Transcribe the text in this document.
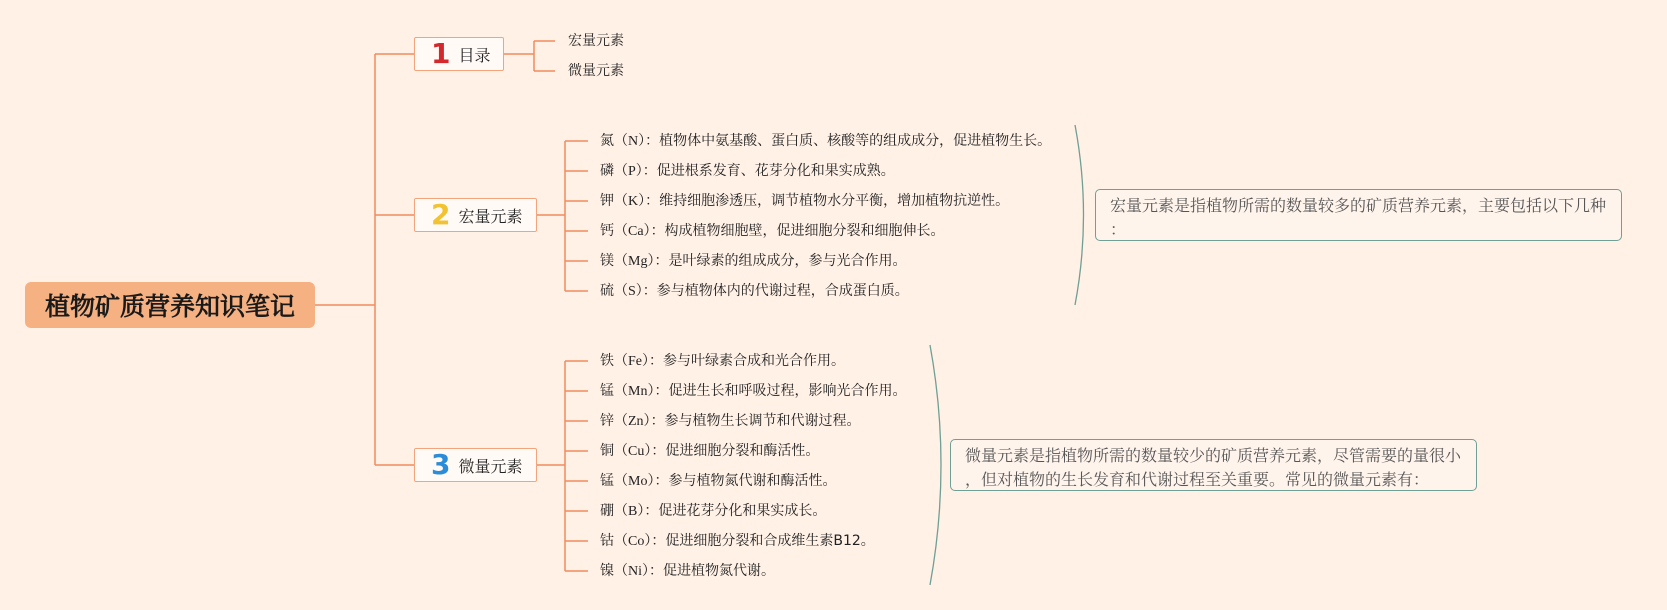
植物矿质营养知识笔记
1 目录
宏量元素
微量元素
2 宏量元素
3 微量元素
氮（N）：植物体中氨基酸、蛋白质、核酸等的组成成分，促进植物生长。
磷（P）：促进根系发育、花芽分化和果实成熟。
钾（K）：维持细胞渗透压，调节植物水分平衡，增加植物抗逆性。
钙（Ca）：构成植物细胞壁，促进细胞分裂和细胞伸长。
镁（Mg）：是叶绿素的组成成分，参与光合作用。
硫（S）：参与植物体内的代谢过程，合成蛋白质。
铁（Fe）：参与叶绿素合成和光合作用。
锰（Mn）：促进生长和呼吸过程，影响光合作用。
锌（Zn）：参与植物生长调节和代谢过程。
铜（Cu）：促进细胞分裂和酶活性。
锰（Mo）：参与植物氮代谢和酶活性。
硼（B）：促进花芽分化和果实成长。
钴（Co）：促进细胞分裂和合成维生素B12。
镍（Ni）：促进植物氮代谢。
宏量元素是指植物所需的数量较多的矿质营养元素，主要包括以下几种
：
微量元素是指植物所需的数量较少的矿质营养元素，尽管需要的量很小
，但对植物的生长发育和代谢过程至关重要。常见的微量元素有：
